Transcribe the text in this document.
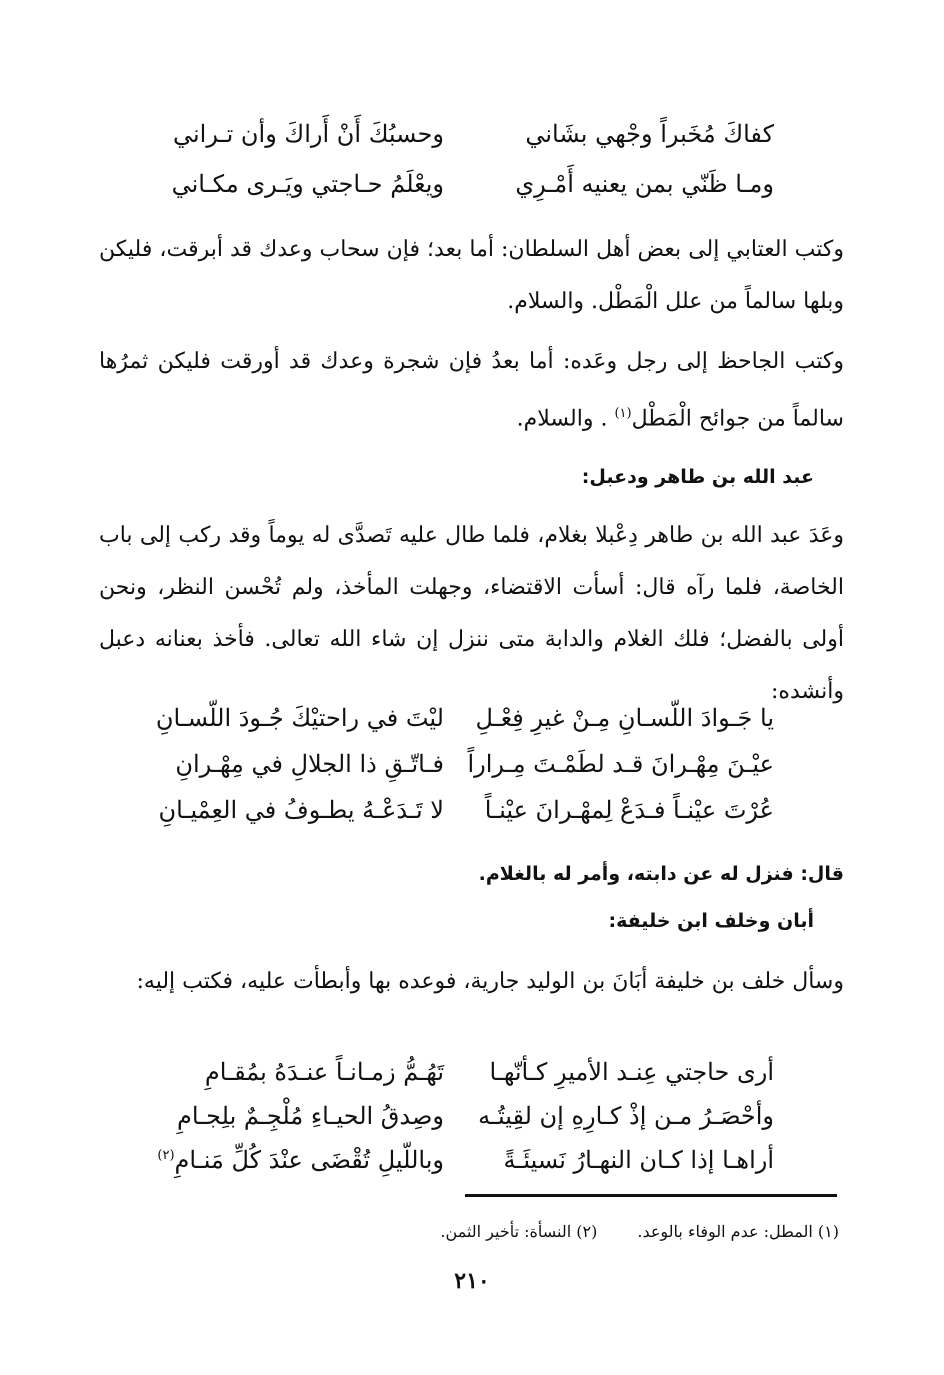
كفاكَ مُخَبراً وجْهي بشَاني
وحسبُكَ أَنْ أَراكَ وأن تـراني
ومـا ظَنّي بمن يعنيه أَمْـرِي
ويعْلَمُ حـاجتي ويَـرى مكـاني
وكتب العتابي إلى بعض أهل السلطان: أما بعد؛ فإن سحاب وعدك قد أبرقت، فليكن وبلها سالماً من علل الْمَطْل. والسلام.
وكتب الجاحظ إلى رجل وعَده: أما بعدُ فإن شجرة وعدك قد أورقت فليكن ثمرُها سالماً من جوائح الْمَطْل$^{(١)}$ . والسلام.
عبد الله بن طاهر ودعبل:
وعَدَ عبد الله بن طاهر دِعْبلا بغلام، فلما طال عليه تَصدَّى له يوماً وقد ركب إلى باب الخاصة، فلما رآه قال: أسأت الاقتضاء، وجهلت المأخذ، ولم تُحْسن النظر، ونحن أولى بالفضل؛ فلك الغلام والدابة متى ننزل إن شاء الله تعالى. فأخذ بعنانه دعبل وأنشده:
يا جَـوادَ اللّسـانِ مِـنْ غيرِ فِعْـلِ
ليْتَ في راحتيْكَ جُـودَ اللّسـانِ
عيْـنَ مِهْـرانَ قـد لطَمْـتَ مِـراراً
فـاتّـقِ ذا الجلالِ في مِهْـرانِ
عُرْتَ عيْنـاً فـدَعْ لِمهْـرانَ عيْنـاً
لا تَـدَعْـهُ يطـوفُ في العِمْيـانِ
قال: فنزل له عن دابته، وأمر له بالغلام.
أبان وخلف ابن خليفة:
وسأل خلف بن خليفة أبَانَ بن الوليد جارية، فوعده بها وأبطأت عليه، فكتب إليه:
أرى حاجتي عِنـد الأميرِ كـأنّهـا
تَهُـمُّ زمـانـاً عنـدَهُ بمُقـامِ
وأحْصَـرُ مـن إذْ كـارِهِ إن لقِيتُـه
وصِدقُ الحيـاءِ مُلْجِـمٌ بلِجـامِ
أراهـا إذا كـان النهـارُ نَسيئَـةً
وباللّيلِ تُقْضَى عنْدَ كُلِّ مَنـامِ$^{(٢)}$
(١) المطل: عدم الوفاء بالوعد.
(٢) النسأة: تأخير الثمن.
٢١٠
